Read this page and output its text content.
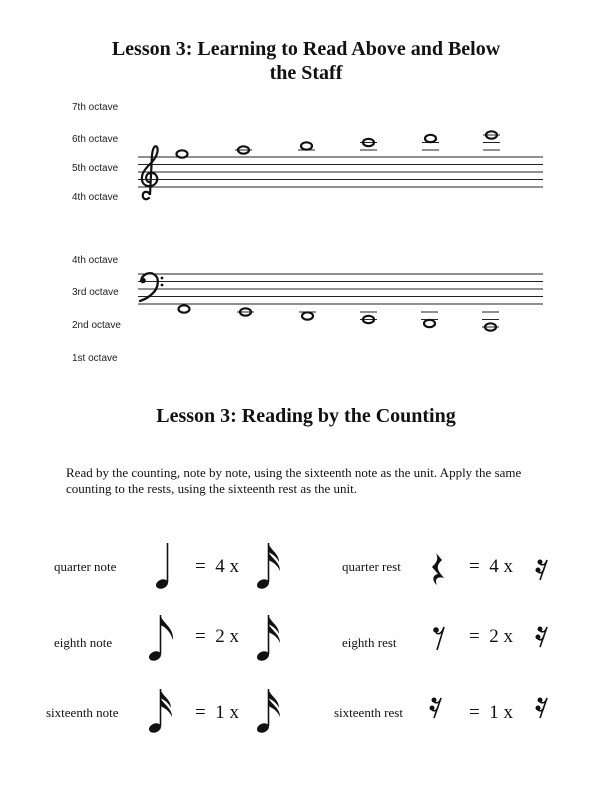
Lesson 3: Learning to Read Above and Below
the Staff
7th octave
6th octave
5th octave
4th octave
4th octave
3rd octave
2nd octave
1st octave
Lesson 3: Reading by the Counting
Read by the counting, note by note, using the sixteenth note as the unit. Apply the same counting to the rests, using the sixteenth rest as the unit.
quarter note	=  4 x
eighth note	=  2 x
sixteenth note	=  1 x
quarter rest	=  4 x
eighth rest	=  2 x
sixteenth rest	=  1 x
